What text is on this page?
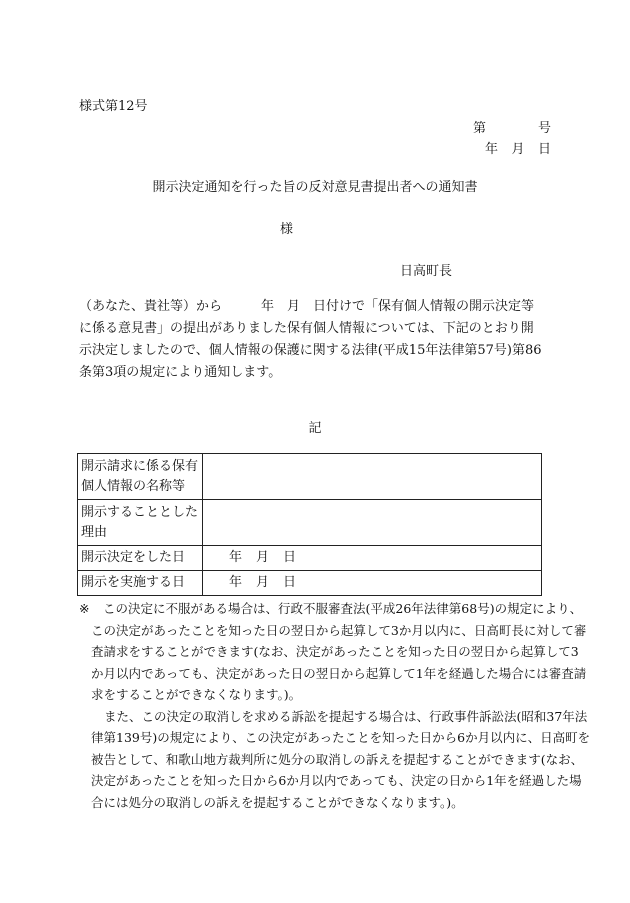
様式第12号
第	号
年 月 日
開示決定通知を行った旨の反対意見書提出者への通知書
様
日高町長
（あなた、貴社等）から　　　年　月　日付けで「保有個人情報の開示決定等
に係る意見書」の提出がありました保有個人情報については、下記のとおり開
示決定しましたので、個人情報の保護に関する法律(平成15年法律第57号)第86
条第3項の規定により通知します。
記
開示請求に係る保有
個人情報の名称等	

開示することとした
理由	

開示決定をした日	年 月 日
開示を実施する日	年 月 日
※	この決定に不服がある場合は、行政不服審査法(平成26年法律第68号)の規定により、
この決定があったことを知った日の翌日から起算して3か月以内に、日高町長に対して審
査請求をすることができます(なお、決定があったことを知った日の翌日から起算して3
か月以内であっても、決定があった日の翌日から起算して1年を経過した場合には審査請
求をすることができなくなります。)。
また、この決定の取消しを求める訴訟を提起する場合は、行政事件訴訟法(昭和37年法
律第139号)の規定により、この決定があったことを知った日から6か月以内に、日高町を
被告として、和歌山地方裁判所に処分の取消しの訴えを提起することができます(なお、
決定があったことを知った日から6か月以内であっても、決定の日から1年を経過した場
合には処分の取消しの訴えを提起することができなくなります。)。
